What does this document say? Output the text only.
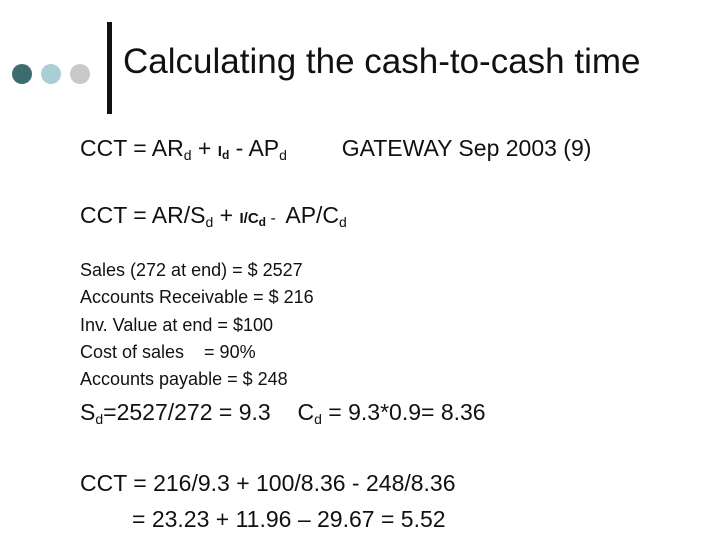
Calculating the cash-to-cash time
CCT = $AR_d + Id - AP_d$ GATEWAY Sep 2003 (9)
CCT = $AR/S_d + I/Cd - AP/C_d$
Sales (272 at end) = $ 2527
Accounts Receivable = $ 216
Inv. Value at end = $100
Cost of sales    = 90%
Accounts payable = $ 248
$S_d=2527/272 = 9.3$ $C_d = 9.3*0.9= 8.36$
CCT = 216/9.3 + 100/8.36 - 248/8.36
= 23.23 + 11.96 – 29.67 = 5.52
